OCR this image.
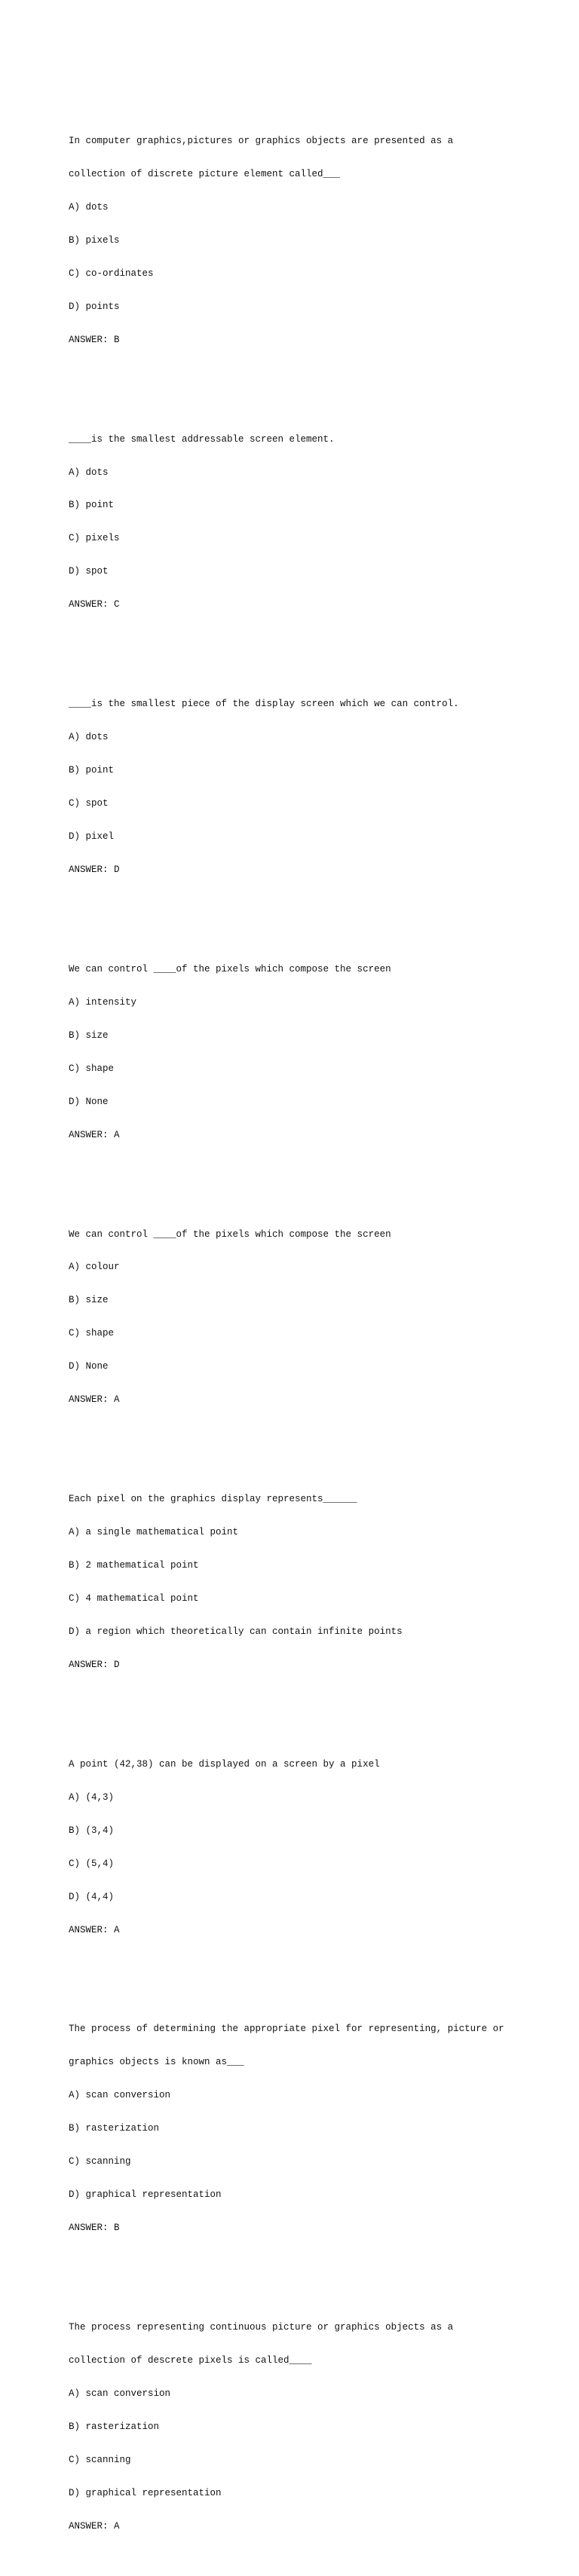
In computer graphics,pictures or graphics objects are presented as a

collection of discrete picture element called___

A) dots

B) pixels

C) co-ordinates

D) points

ANSWER: B

____is the smallest addressable screen element.

A) dots

B) point

C) pixels

D) spot

ANSWER: C

____is the smallest piece of the display screen which we can control.

A) dots

B) point

C) spot

D) pixel

ANSWER: D

We can control ____of the pixels which compose the screen

A) intensity

B) size

C) shape

D) None

ANSWER: A

We can control ____of the pixels which compose the screen

A) colour

B) size

C) shape

D) None

ANSWER: A

Each pixel on the graphics display represents______

A) a single mathematical point

B) 2 mathematical point

C) 4 mathematical point

D) a region which theoretically can contain infinite points

ANSWER: D

A point (42,38) can be displayed on a screen by a pixel

A) (4,3)

B) (3,4)

C) (5,4)

D) (4,4)

ANSWER: A

The process of determining the appropriate pixel for representing, picture or

graphics objects is known as___

A) scan conversion

B) rasterization

C) scanning

D) graphical representation

ANSWER: B

The process representing continuous picture or graphics objects as a

collection of descrete pixels is called____

A) scan conversion

B) rasterization

C) scanning

D) graphical representation

ANSWER: A
